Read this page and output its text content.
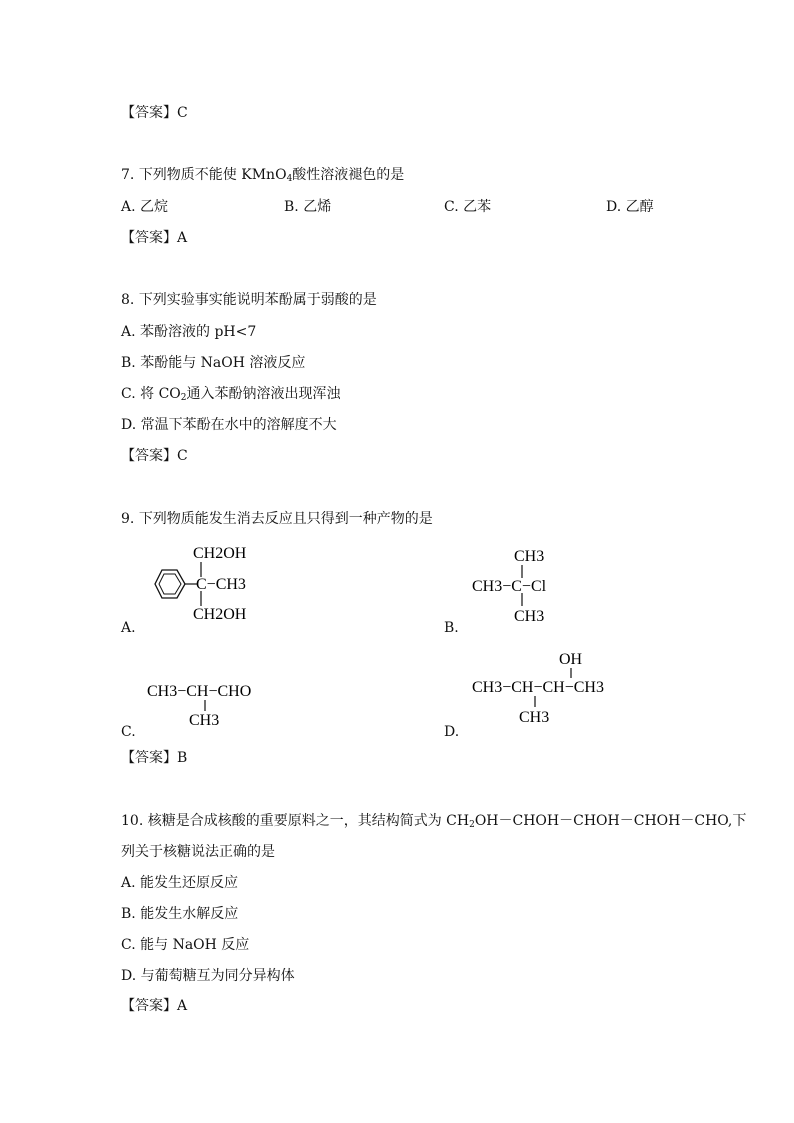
【答案】C
7. 下列物质不能使 KMnO$_4$酸性溶液褪色的是
A. 乙烷	B. 乙烯	C. 乙苯	D. 乙醇
【答案】A
8. 下列实验事实能说明苯酚属于弱酸的是
A. 苯酚溶液的 pH<7
B. 苯酚能与 NaOH 溶液反应
C. 将 $CO_2$通入苯酚钠溶液出现浑浊
D. 常温下苯酚在水中的溶解度不大
【答案】C
9. 下列物质能发生消去反应且只得到一种产物的是
CH2OH
C−CH3
CH2OH
A.
CH3
CH3−C−Cl
CH3
B.
CH3−CH−CHO
CH3
C.
OH
CH3−CH−CH−CH3
CH3
D.
【答案】B
10. 核糖是合成核酸的重要原料之一，其结构简式为 $CH_2OH-CHOH-CHOH-CHOH-CHO$,下
列关于核糖说法正确的是
A. 能发生还原反应
B. 能发生水解反应
C. 能与 NaOH 反应
D. 与葡萄糖互为同分异构体
【答案】A
